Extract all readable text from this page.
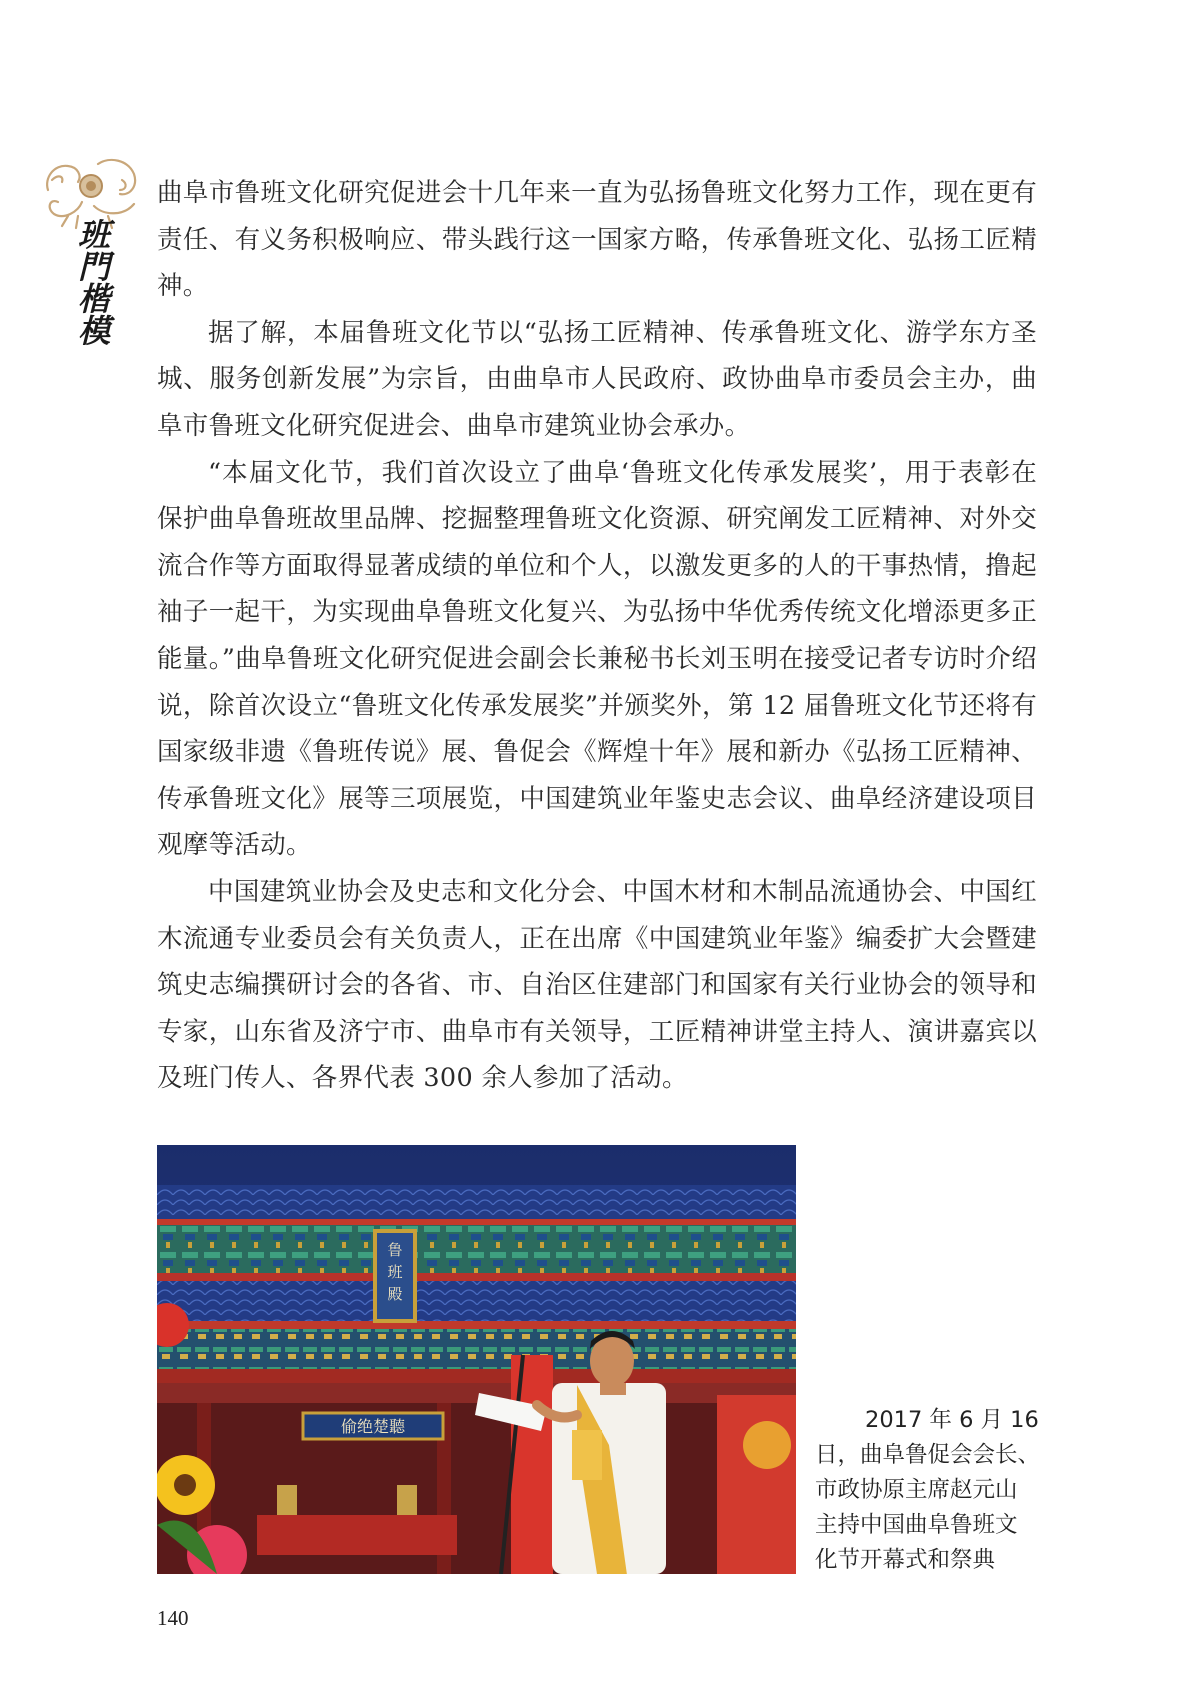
班
門
楷
模

曲阜市鲁班文化研究促进会十几年来一直为弘扬鲁班文化努力工作，现在更有责任、有义务积极响应、带头践行这一国家方略，传承鲁班文化、弘扬工匠精神。

据了解，本届鲁班文化节以“弘扬工匠精神、传承鲁班文化、游学东方圣城、服务创新发展”为宗旨，由曲阜市人民政府、政协曲阜市委员会主办，曲阜市鲁班文化研究促进会、曲阜市建筑业协会承办。

“本届文化节，我们首次设立了曲阜‘鲁班文化传承发展奖’，用于表彰在保护曲阜鲁班故里品牌、挖掘整理鲁班文化资源、研究阐发工匠精神、对外交流合作等方面取得显著成绩的单位和个人，以激发更多的人的干事热情，撸起袖子一起干，为实现曲阜鲁班文化复兴、为弘扬中华优秀传统文化增添更多正能量。”曲阜鲁班文化研究促进会副会长兼秘书长刘玉明在接受记者专访时介绍说，除首次设立“鲁班文化传承发展奖”并颁奖外，第 12 届鲁班文化节还将有国家级非遗《鲁班传说》展、鲁促会《辉煌十年》展和新办《弘扬工匠精神、传承鲁班文化》展等三项展览，中国建筑业年鉴史志会议、曲阜经济建设项目观摩等活动。

中国建筑业协会及史志和文化分会、中国木材和木制品流通协会、中国红木流通专业委员会有关负责人，正在出席《中国建筑业年鉴》编委扩大会暨建筑史志编撰研讨会的各省、市、自治区住建部门和国家有关行业协会的领导和专家，山东省及济宁市、曲阜市有关领导，工匠精神讲堂主持人、演讲嘉宾以及班门传人、各界代表 300 余人参加了活动。

鲁班殿
偷绝楚聽	2017 年 6 月 16
日，曲阜鲁促会会长、
市政协原主席赵元山
主持中国曲阜鲁班文
化节开幕式和祭典
140
